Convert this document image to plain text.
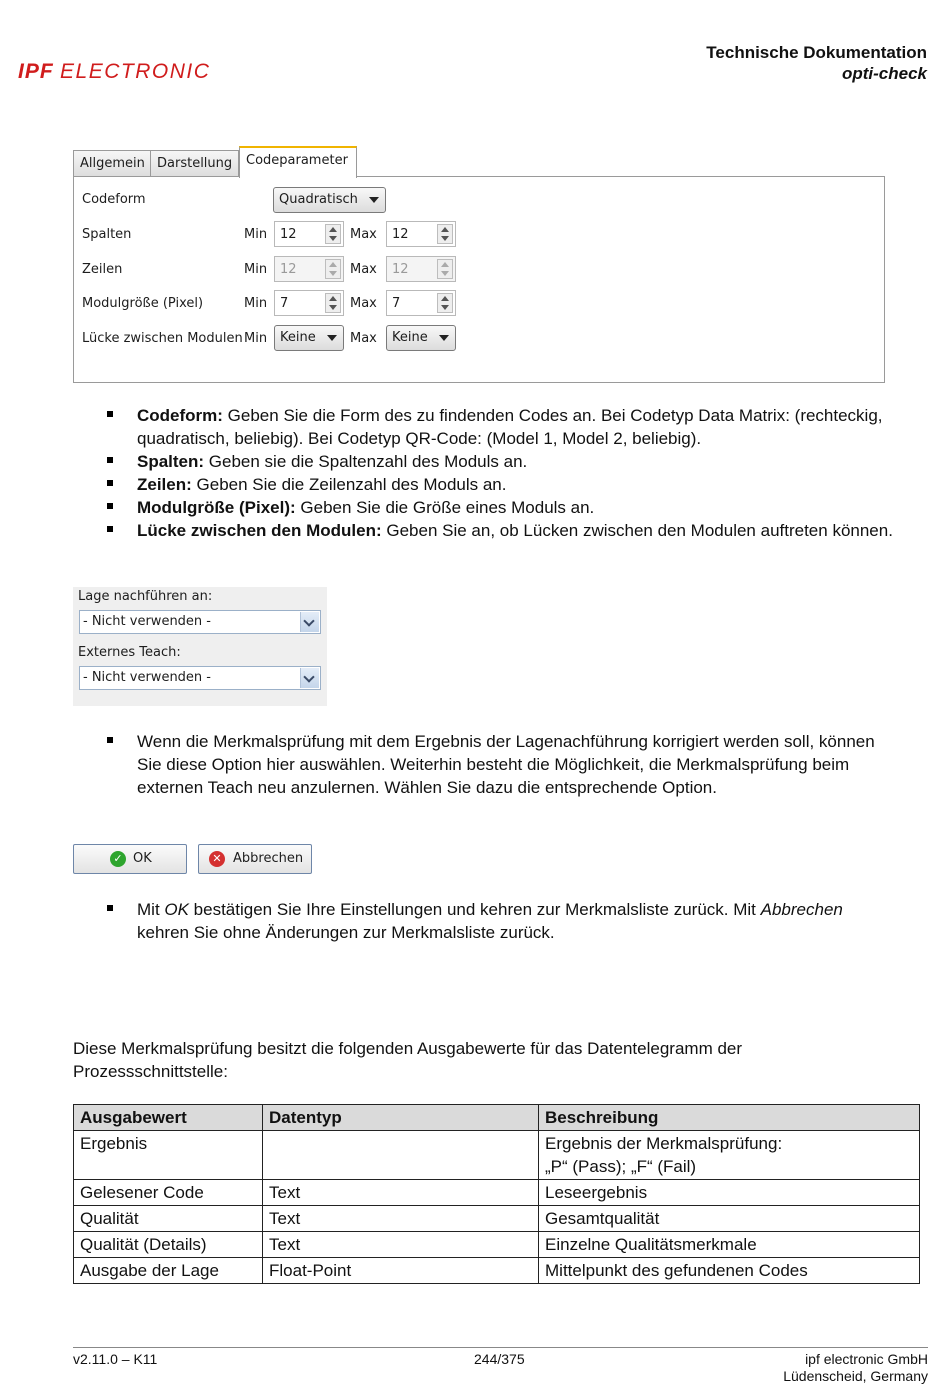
IPF ELECTRONIC
Technische Dokumentation
opti-check
Allgemein Darstellung	Codeparameter
Codeform	Quadratisch
Spalten	Min 12	Max 12
Zeilen	Min 12	Max 12
Modulgröße (Pixel)	Min 7	Max 7
Lücke zwischen Modulen Min Keine	Max	Keine
Codeform: Geben Sie die Form des zu findenden Codes an. Bei Codetyp Data Matrix: (rechteckig,
quadratisch, beliebig). Bei Codetyp QR-Code: (Model 1, Model 2, beliebig).
Spalten: Geben sie die Spaltenzahl des Moduls an.
Zeilen: Geben Sie die Zeilenzahl des Moduls an.
Modulgröße (Pixel): Geben Sie die Größe eines Moduls an.
Lücke zwischen den Modulen: Geben Sie an, ob Lücken zwischen den Modulen auftreten können.
Lage nachführen an:
- Nicht verwenden -
Externes Teach:
- Nicht verwenden -
Wenn die Merkmalsprüfung mit dem Ergebnis der Lagenachführung korrigiert werden soll, können
Sie diese Option hier auswählen. Weiterhin besteht die Möglichkeit, die Merkmalsprüfung beim
externen Teach neu anzulernen. Wählen Sie dazu die entsprechende Option.
✓ OK	✕ Abbrechen
Mit OK bestätigen Sie Ihre Einstellungen und kehren zur Merkmalsliste zurück. Mit Abbrechen
kehren Sie ohne Änderungen zur Merkmalsliste zurück.
Diese Merkmalsprüfung besitzt die folgenden Ausgabewerte für das Datentelegramm der
Prozessschnittstelle:
Ausgabewert	Datentyp	Beschreibung
Ergebnis		Ergebnis der Merkmalsprüfung:
„P“ (Pass); „F“ (Fail)

Gelesener Code	Text	Leseergebnis
Qualität	Text	Gesamtqualität
Qualität (Details)	Text	Einzelne Qualitätsmerkmale
Ausgabe der Lage	Float-Point	Mittelpunkt des gefundenen Codes
v2.11.0 – K11	244/375	ipf electronic GmbH
Lüdenscheid, Germany
